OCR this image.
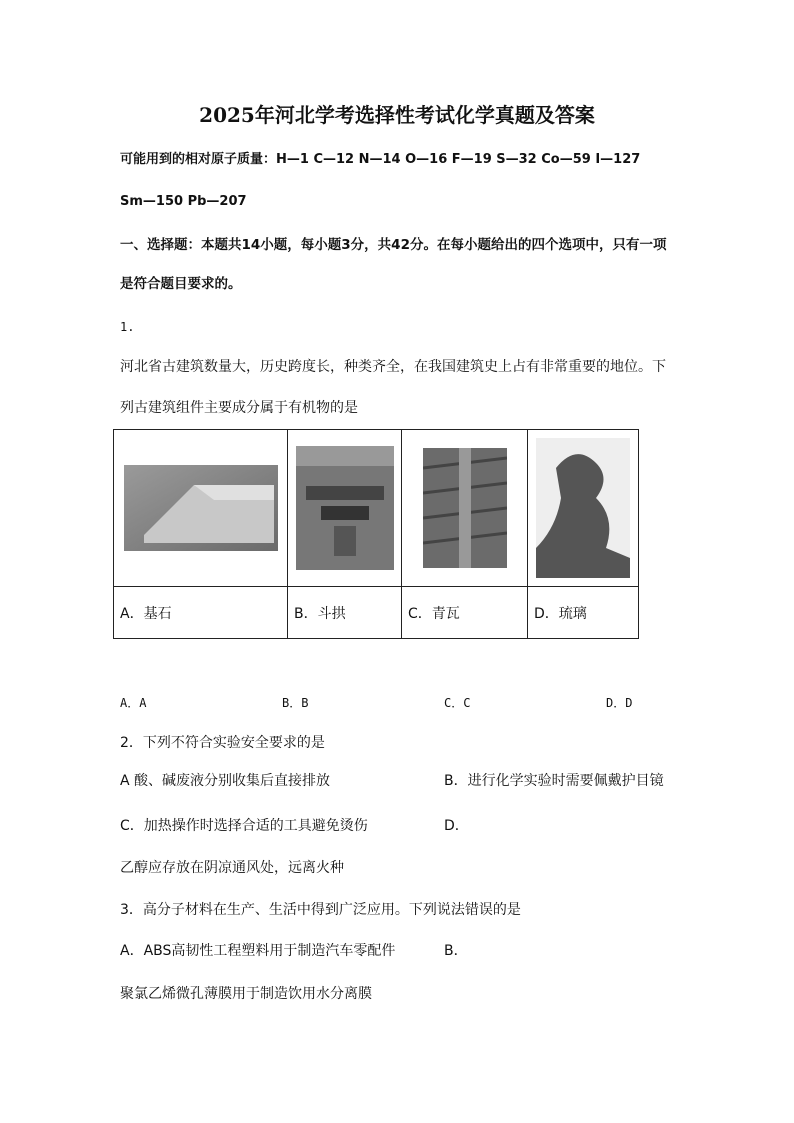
2025年河北学考选择性考试化学真题及答案
可能用到的相对原子质量：H—1 C—12 N—14 O—16 F—19 S—32 Co—59 I—127
Sm—150 Pb—207
一、选择题：本题共14小题，每小题3分，共42分。在每小题给出的四个选项中，只有一项
是符合题目要求的。
1.
河北省古建筑数量大，历史跨度长，种类齐全，在我国建筑史上占有非常重要的地位。下
列古建筑组件主要成分属于有机物的是

A．基石	B．斗拱	C．青瓦	D．琉璃
A．A	B．B	C．C	D．D
2．下列不符合实验安全要求的是
A 酸、碱废液分别收集后直接排放	B．进行化学实验时需要佩戴护目镜
C．加热操作时选择合适的工具避免烫伤	D．
乙醇应存放在阴凉通风处，远离火种
3．高分子材料在生产、生活中得到广泛应用。下列说法错误的是
A．ABS高韧性工程塑料用于制造汽车零配件	B．
聚氯乙烯微孔薄膜用于制造饮用水分离膜
